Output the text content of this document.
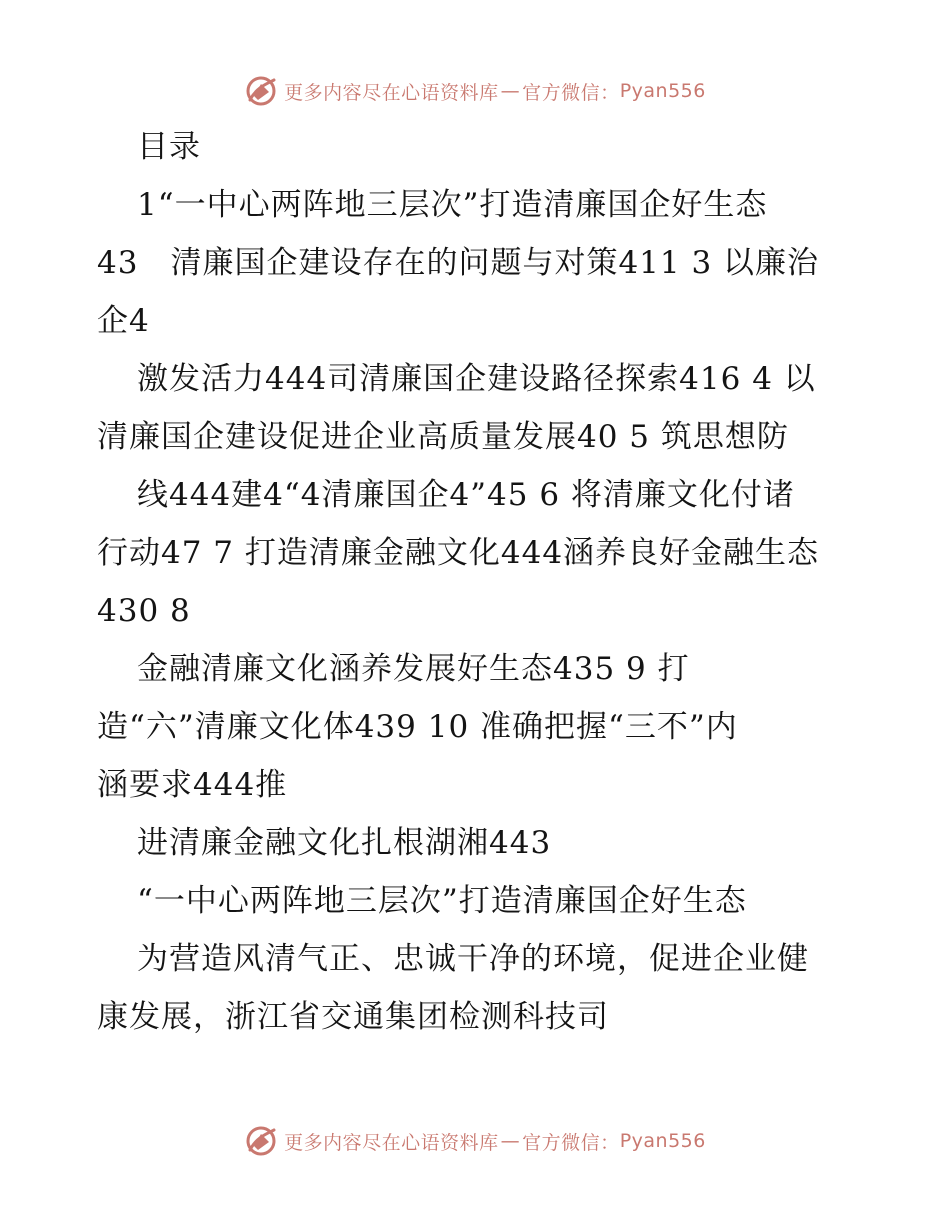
更多内容尽在心语资料库 — 官方微信： Pyan556
目录
1“一中心两阵地三层次”打造清廉国企好生态
43　清廉国企建设存在的问题与对策411 3 以廉治
企4
激发活力444司清廉国企建设路径探索416 4 以
清廉国企建设促进企业高质量发展40 5 筑思想防
线444建4“4清廉国企4”45 6 将清廉文化付诸
行动47 7 打造清廉金融文化444涵养良好金融生态
430 8
金融清廉文化涵养发展好生态435 9 打
造“六”清廉文化体439 10 准确把握“三不”内
涵要求444推
进清廉金融文化扎根湖湘443
“一中心两阵地三层次”打造清廉国企好生态
为营造风清气正、忠诚干净的环境，促进企业健
康发展，浙江省交通集团检测科技司
更多内容尽在心语资料库 — 官方微信： Pyan556
